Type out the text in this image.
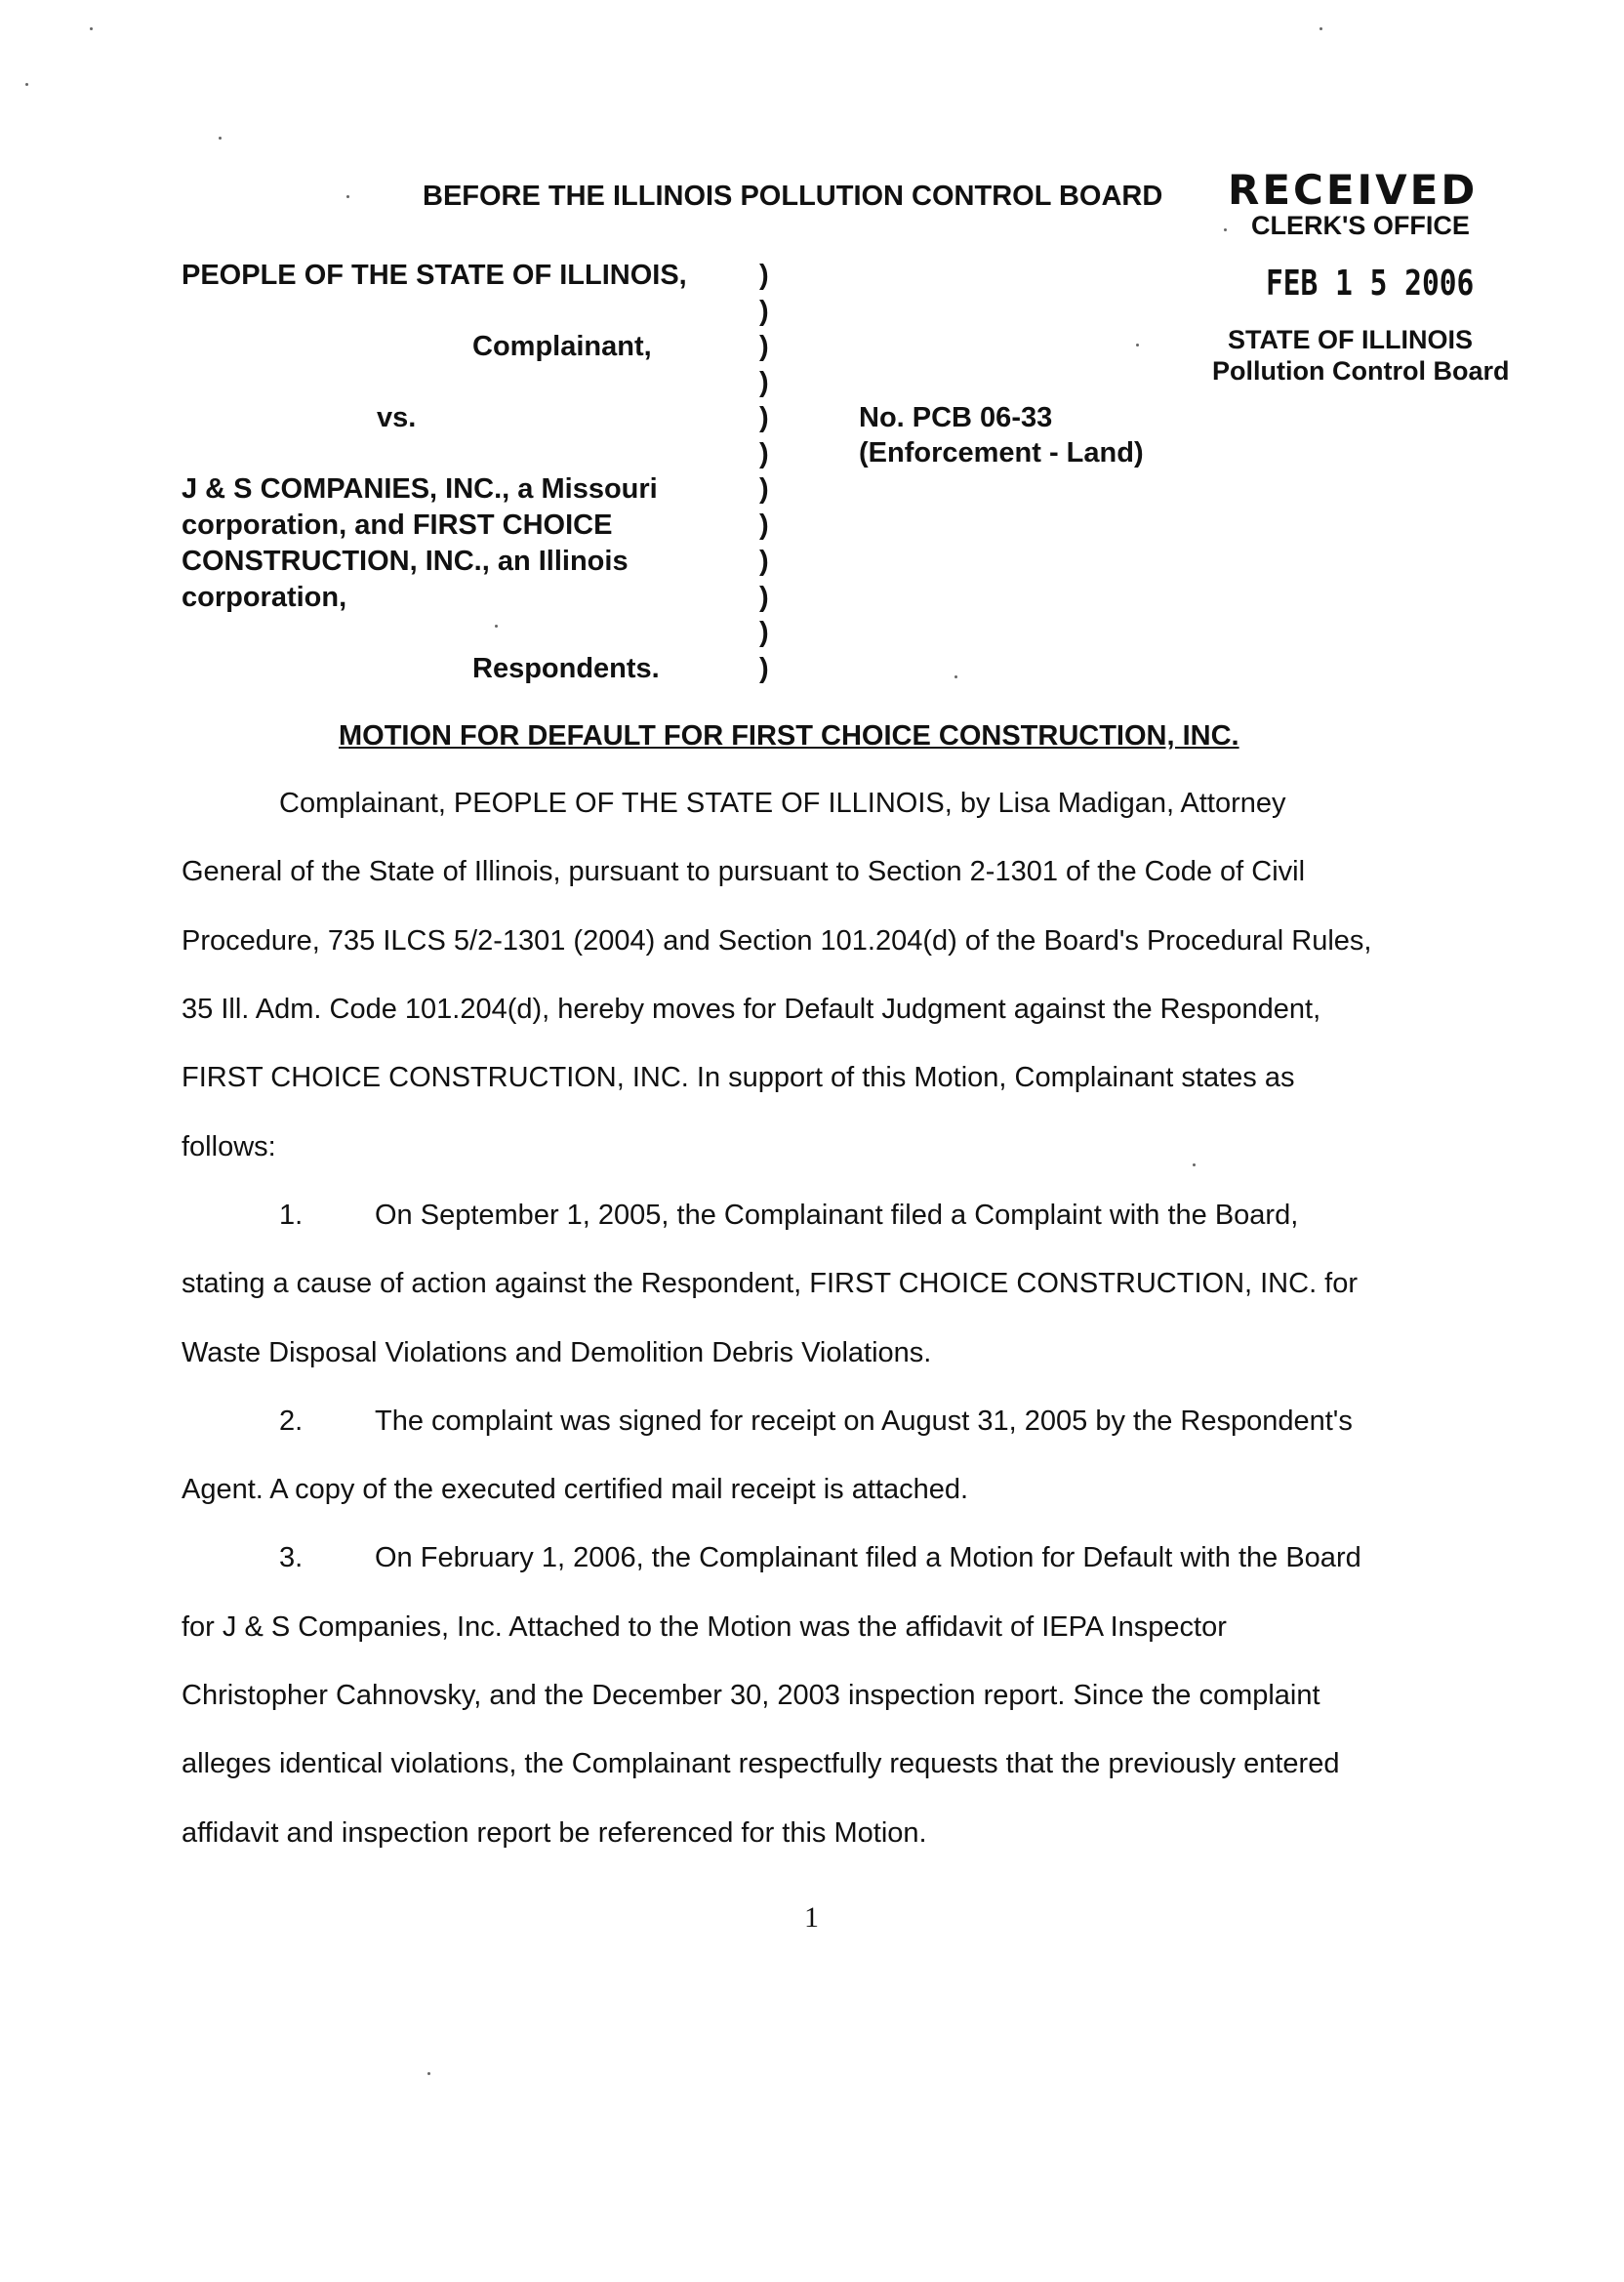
BEFORE THE ILLINOIS POLLUTION CONTROL BOARD RECEIVED
CLERK'S OFFICE
FEB 1 5 2006
STATE OF ILLINOIS
Pollution Control Board
PEOPLE OF THE STATE OF ILLINOIS,
Complainant,
vs.
J & S COMPANIES, INC., a Missouri
corporation, and FIRST CHOICE
CONSTRUCTION, INC., an Illinois
corporation,
Respondents.
)
)
)
)
)
)
)
)
)
)
)
)
No. PCB 06-33
(Enforcement - Land)
MOTION FOR DEFAULT FOR FIRST CHOICE CONSTRUCTION, INC.
Complainant, PEOPLE OF THE STATE OF ILLINOIS, by Lisa Madigan, Attorney
General of the State of Illinois, pursuant to pursuant to Section 2-1301 of the Code of Civil
Procedure, 735 ILCS 5/2-1301 (2004) and Section 101.204(d) of the Board's Procedural Rules,
35 Ill. Adm. Code 101.204(d), hereby moves for Default Judgment against the Respondent,
FIRST CHOICE CONSTRUCTION, INC. In support of this Motion, Complainant states as
follows:
1.	On September 1, 2005, the Complainant filed a Complaint with the Board,
stating a cause of action against the Respondent, FIRST CHOICE CONSTRUCTION, INC. for
Waste Disposal Violations and Demolition Debris Violations.
2.	The complaint was signed for receipt on August 31, 2005 by the Respondent's
Agent. A copy of the executed certified mail receipt is attached.
3.	On February 1, 2006, the Complainant filed a Motion for Default with the Board
for J & S Companies, Inc. Attached to the Motion was the affidavit of IEPA Inspector
Christopher Cahnovsky, and the December 30, 2003 inspection report. Since the complaint
alleges identical violations, the Complainant respectfully requests that the previously entered
affidavit and inspection report be referenced for this Motion.
1
